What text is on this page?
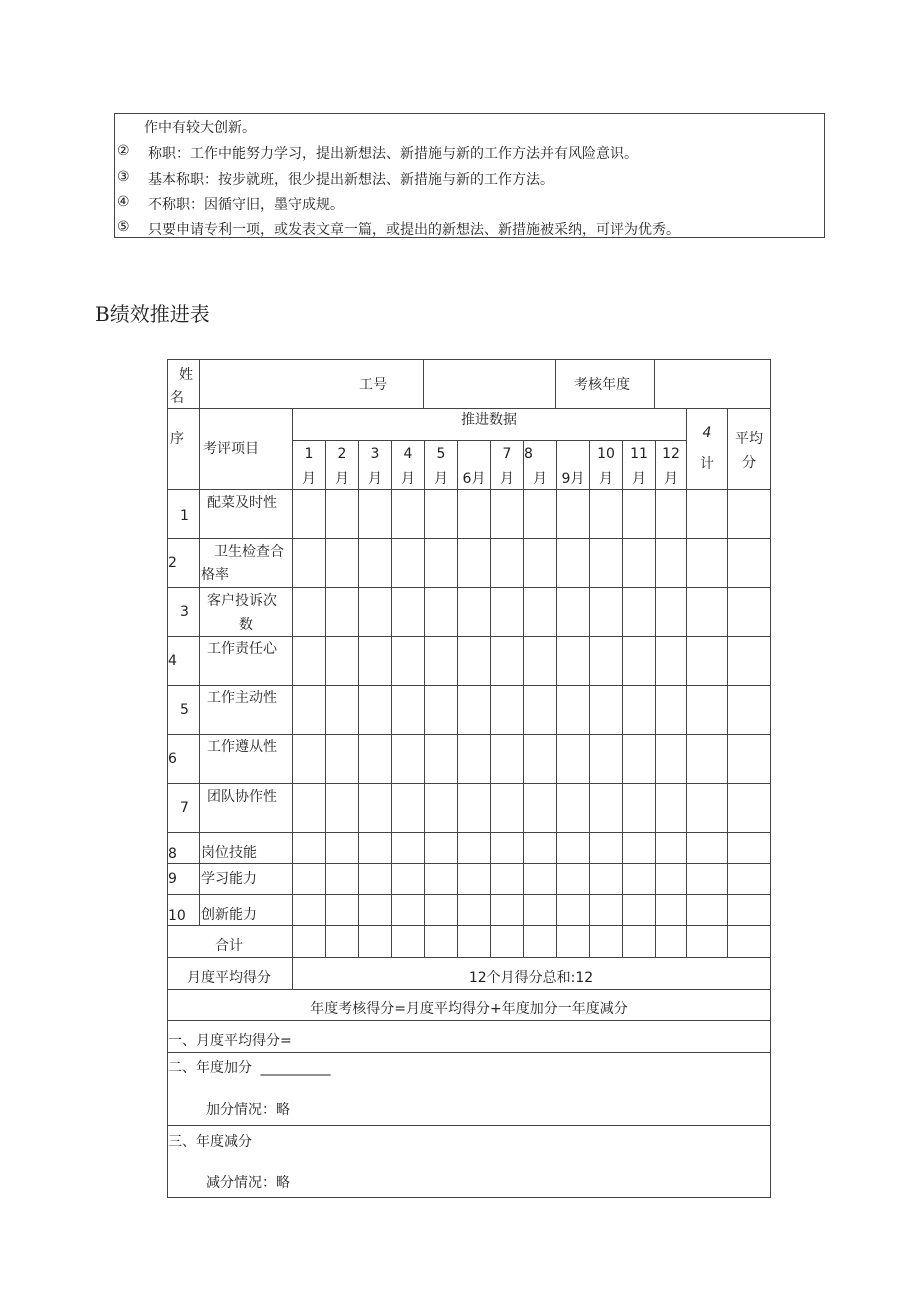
作中有较大创新。
② 称职：工作中能努力学习，提出新想法、新措施与新的工作方法并有风险意识。
③ 基本称职：按步就班，很少提出新想法、新措施与新的工作方法。
④ 不称职：因循守旧，墨守成规。
⑤ 只要申请专利一项，或发表文章一篇，或提出的新想法、新措施被采纳，可评为优秀。
B绩效推进表
姓
名
工号	考核年度
序
考评项目
推进数据
4
计
平均
分
1
月
2
月
3
月
4
月
5
月 6月
7
月
8
月 9月
10
月
11
月
12
月
1
配菜及时性
2
卫生检查合
格率
3
客户投诉次
数
4
工作责任心
5
工作主动性
6
工作遵从性
7
团队协作性
8 岗位技能
9 学习能力
10 创新能力
合计
月度平均得分	12个月得分总和:12
年度考核得分=月度平均得分+年度加分一年度减分
一、月度平均得分=
二、年度加分 __________
加分情况：略
三、年度减分
减分情况：略
